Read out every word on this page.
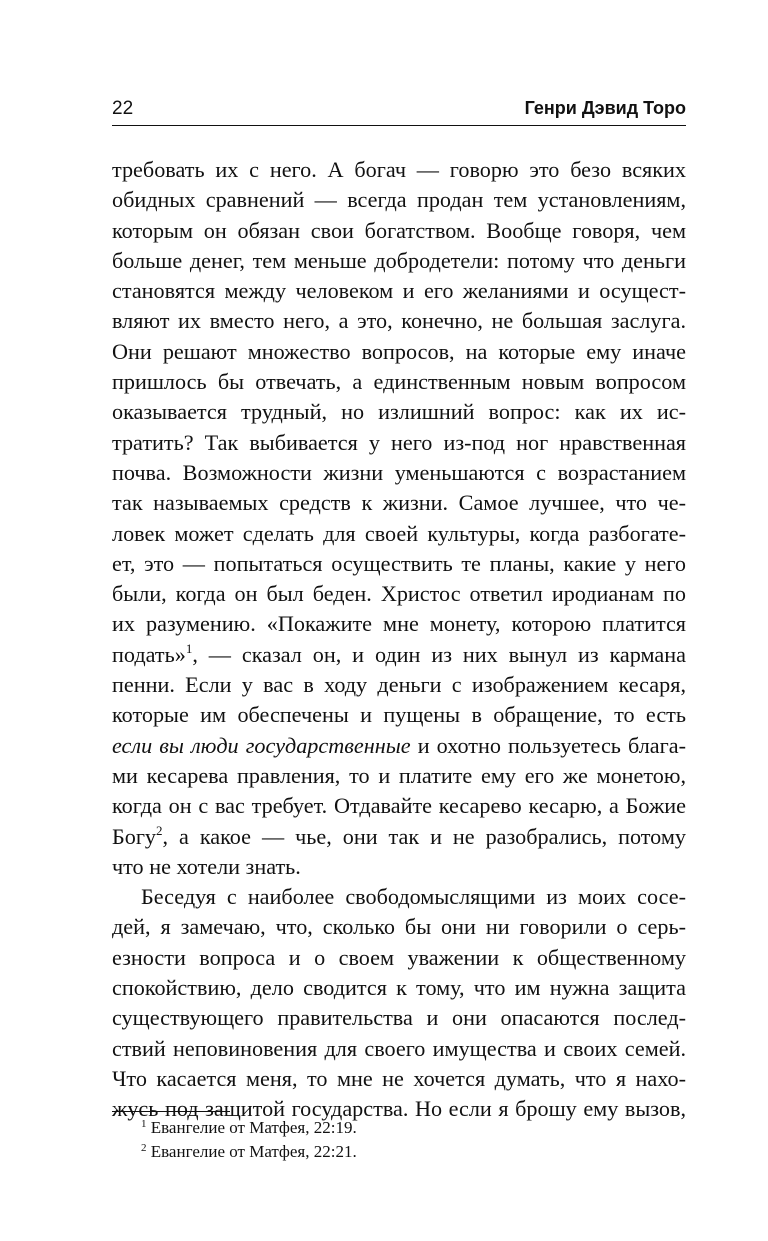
22	Генри Дэвид Торо
требовать их с него. А богач — говорю это безо всяких
обидных сравнений — всегда продан тем установлениям,
которым он обязан свои богатством. Вообще говоря, чем
больше денег, тем меньше добродетели: потому что деньги
становятся между человеком и его желаниями и осущест-
вляют их вместо него, а это, конечно, не большая заслуга.
Они решают множество вопросов, на которые ему иначе
пришлось бы отвечать, а единственным новым вопросом
оказывается трудный, но излишний вопрос: как их ис-
тратить? Так выбивается у него из-под ног нравственная
почва. Возможности жизни уменьшаются с возрастанием
так называемых средств к жизни. Самое лучшее, что че-
ловек может сделать для своей культуры, когда разбогате-
ет, это — попытаться осуществить те планы, какие у него
были, когда он был беден. Христос ответил иродианам по
их разумению. «Покажите мне монету, которою платится
подать»$^1$, — сказал он, и один из них вынул из кармана
пенни. Если у вас в ходу деньги с изображением кесаря,
которые им обеспечены и пущены в обращение, то есть
если вы люди государственные и охотно пользуетесь блага-
ми кесарева правления, то и платите ему его же монетою,
когда он с вас требует. Отдавайте кесарево кесарю, а Божие
Богу$^2$, а какое — чье, они так и не разобрались, потому
что не хотели знать.
Беседуя с наиболее свободомыслящими из моих сосе-
дей, я замечаю, что, сколько бы они ни говорили о серь-
езности вопроса и о своем уважении к общественному
спокойствию, дело сводится к тому, что им нужна защита
существующего правительства и они опасаются послед-
ствий неповиновения для своего имущества и своих семей.
Что касается меня, то мне не хочется думать, что я нахо-
жусь под защитой государства. Но если я брошу ему вызов,
$^1$ Евангелие от Матфея, 22:19.
$^2$ Евангелие от Матфея, 22:21.
